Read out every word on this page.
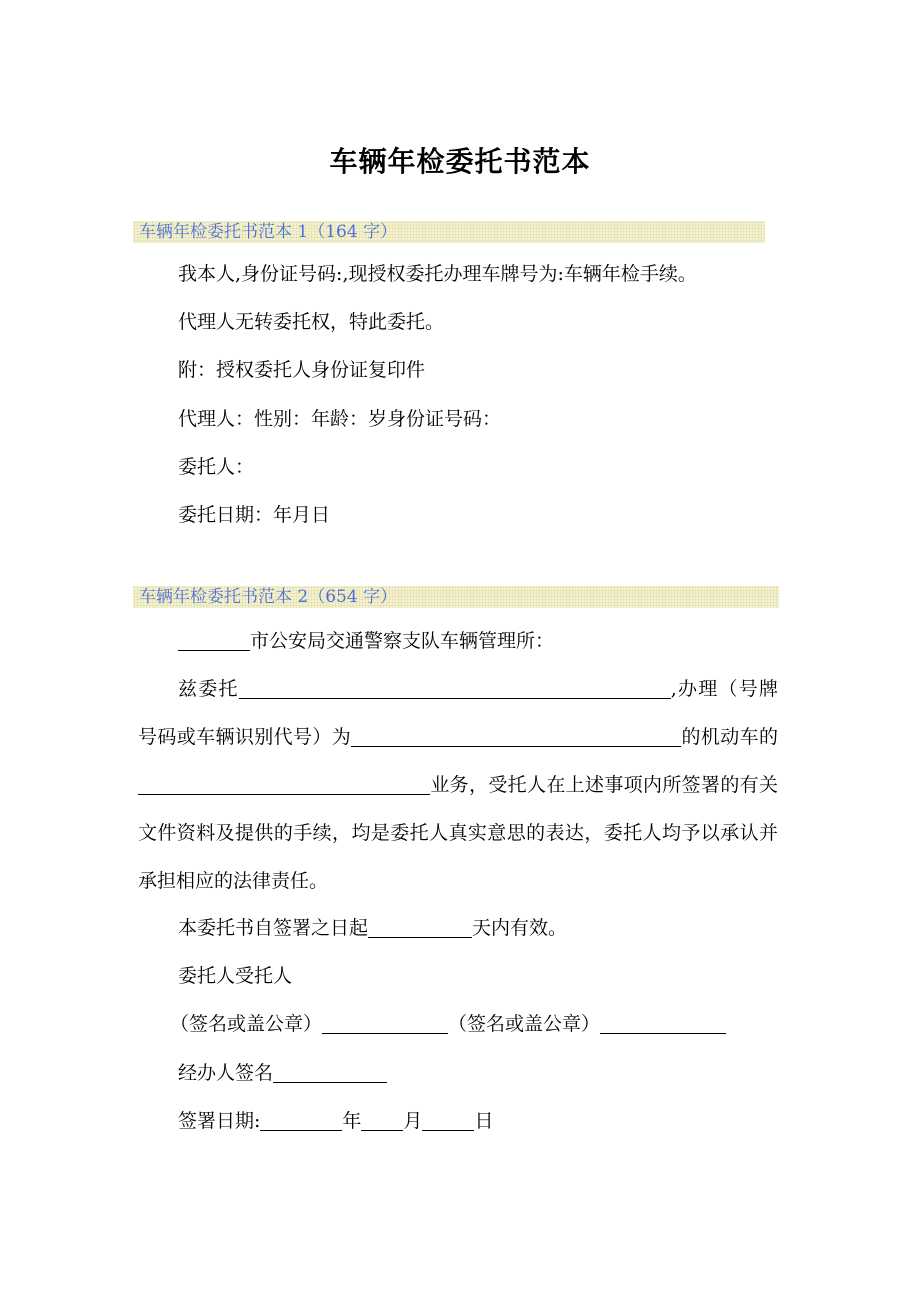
车辆年检委托书范本
车辆年检委托书范本 1（164 字）

我本人,身份证号码:,现授权委托办理车牌号为:车辆年检手续。

代理人无转委托权，特此委托。

附：授权委托人身份证复印件

代理人：性别：年龄：岁身份证号码：

委托人：

委托日期：年月日

车辆年检委托书范本 2（654 字）

市公安局交通警察支队车辆管理所：

兹委托	,办理（号牌号码或车辆识别代号）为	的机动车的业务，受托人在上述事项内所签署的有关文件资料及提供的手续，均是委托人真实意思的表达，委托人均予以承认并承担相应的法律责任。

本委托书自签署之日起	天内有效。

委托人受托人

（签名或盖公章）	（签名或盖公章）

经办人签名

签署日期:	年 月	日
